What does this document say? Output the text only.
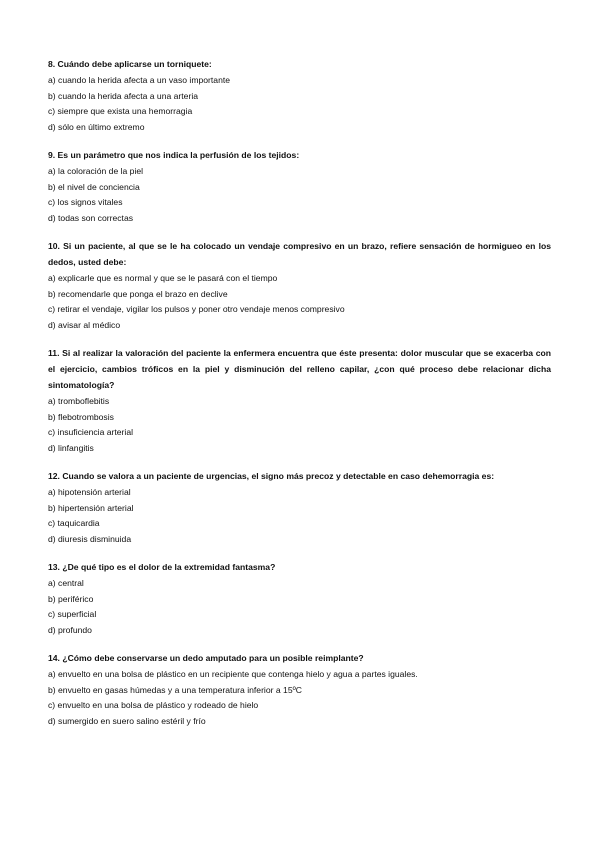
8. Cuándo debe aplicarse un torniquete:

a) cuando la herida afecta a un vaso importante

b) cuando la herida afecta a una arteria

c) siempre que exista una hemorragia

d) sólo en último extremo

9. Es un parámetro que nos indica la perfusión de los tejidos:

a) la coloración de la piel

b) el nivel de conciencia

c) los signos vitales

d) todas son correctas

10. Si un paciente, al que se le ha colocado un vendaje compresivo en un brazo, refiere sensación de hormigueo en los dedos, usted debe:

a) explicarle que es normal y que se le pasará con el tiempo

b) recomendarle que ponga el brazo en declive

c) retirar el vendaje, vigilar los pulsos y poner otro vendaje menos compresivo

d) avisar al médico

11. Si al realizar la valoración del paciente la enfermera encuentra que éste presenta: dolor muscular que se exacerba con el ejercicio, cambios tróficos en la piel y disminución del relleno capilar, ¿con qué proceso debe relacionar dicha sintomatología?

a) tromboflebitis

b) flebotrombosis

c) insuficiencia arterial

d) linfangitis

12. Cuando se valora a un paciente de urgencias, el signo más precoz y detectable en caso dehemorragia es:

a) hipotensión arterial

b) hipertensión arterial

c) taquicardia

d) diuresis disminuida

13. ¿De qué tipo es el dolor de la extremidad fantasma?

a) central

b) periférico

c) superficial

d) profundo

14. ¿Cómo debe conservarse un dedo amputado para un posible reimplante?

a) envuelto en una bolsa de plástico en un recipiente que contenga hielo y agua a partes iguales.

b) envuelto en gasas húmedas y a una temperatura inferior a 15ºC

c) envuelto en una bolsa de plástico y rodeado de hielo

d) sumergido en suero salino estéril y frío
